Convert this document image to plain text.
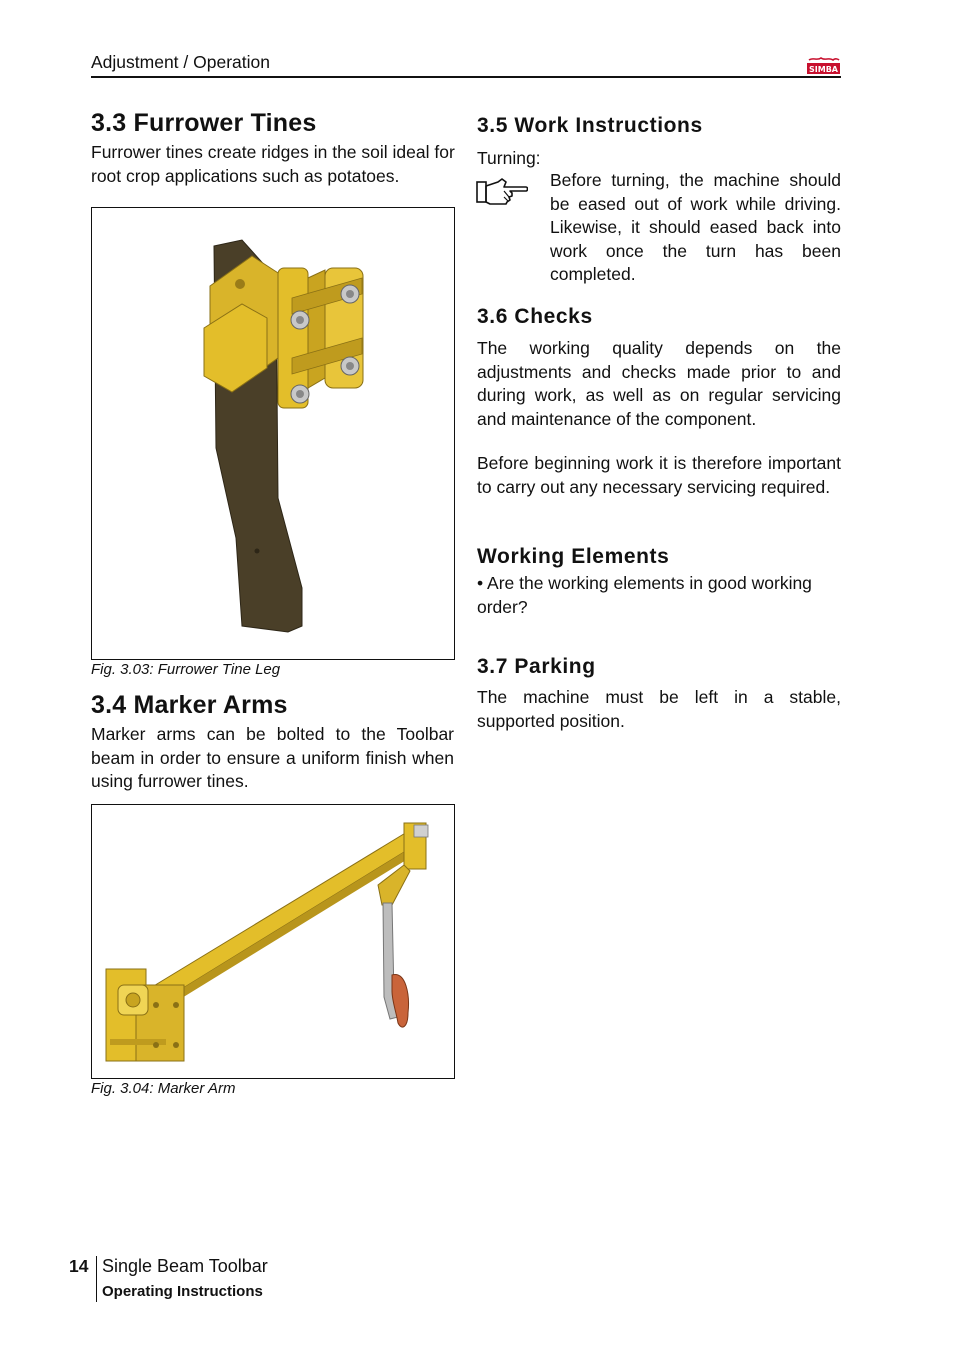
Adjustment / Operation	SIMBA
3.3 Furrower Tines

Furrower tines create ridges in the soil ideal for root crop applications such as potatoes.

Fig. 3.03: Furrower Tine Leg
3.4 Marker Arms

Marker arms can be bolted to the Toolbar beam in order to ensure a uniform finish when using furrower tines.

Fig. 3.04: Marker Arm
3.5 Work Instructions
Turning:

Before turning, the machine should be eased out of work while driving. Likewise, it should eased back into work once the turn has been completed.

3.6 Checks

The working quality depends on the adjustments and checks made prior to and during work, as well as on regular servicing and maintenance of the component.

Before beginning work it is therefore important to carry out any necessary servicing required.

Working Elements

• Are the working elements in good working order?

3.7 Parking

The machine must be left in a stable, supported position.

14 Single Beam Toolbar
Operating Instructions
